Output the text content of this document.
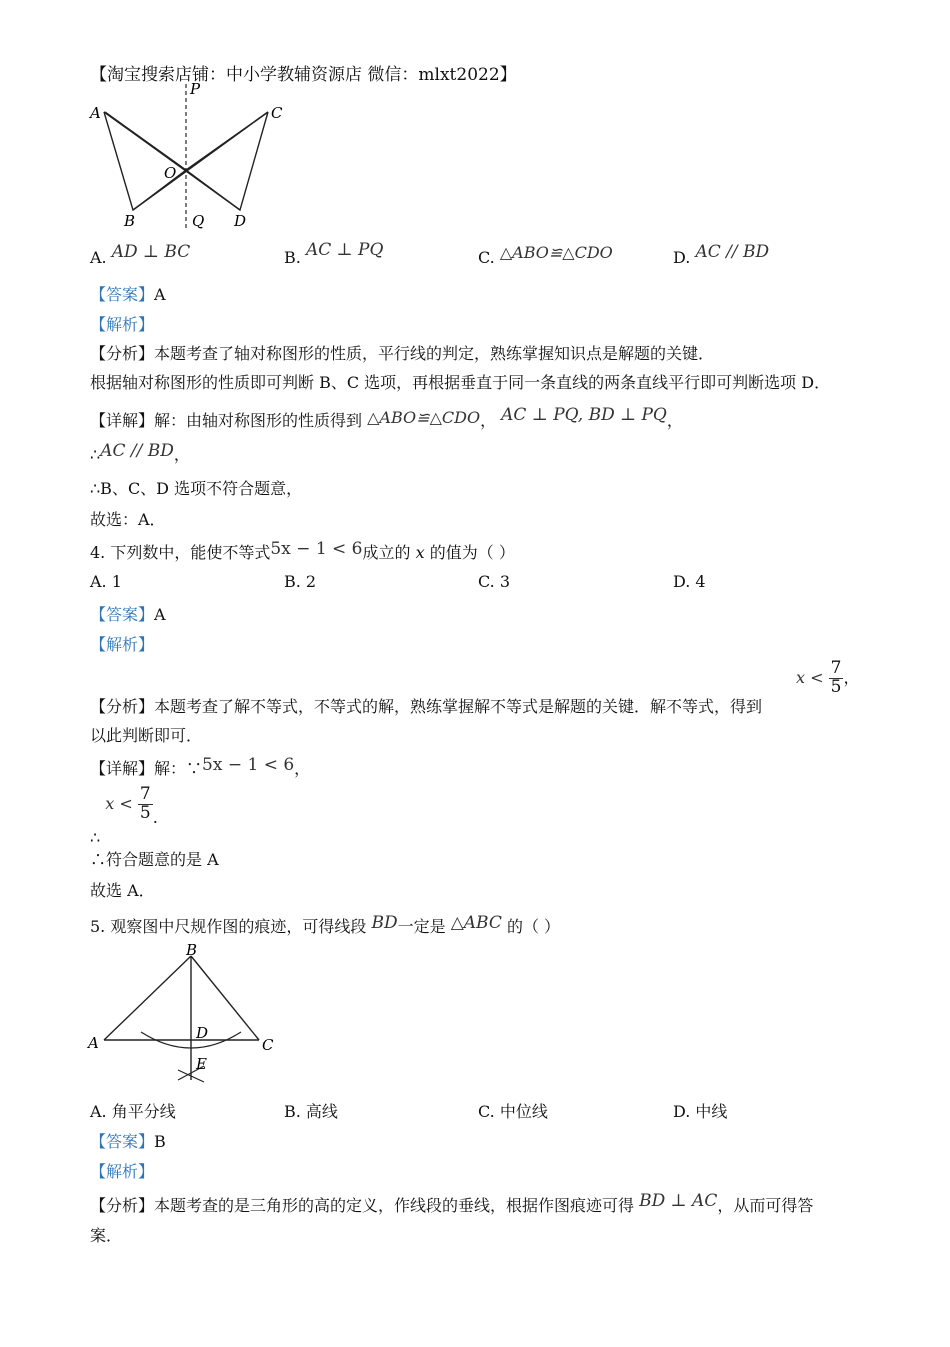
【淘宝搜索店铺：中小学教辅资源店 微信：mlxt2022】
A
B
C
D
O
P
Q
A. AD ⊥ BC	B. AC ⊥ PQ	C. △ABO≌△CDO	D. AC // BD
【答案】A
【解析】
【分析】本题考查了轴对称图形的性质，平行线的判定，熟练掌握知识点是解题的关键．
根据轴对称图形的性质即可判断 B、C 选项，再根据垂直于同一条直线的两条直线平行即可判断选项 D．
【详解】解：由轴对称图形的性质得到 △ABO≌△CDO， AC ⊥ PQ, BD ⊥ PQ，
∴AC // BD，
∴B、C、D 选项不符合题意，
故选：A．
4. 下列数中，能使不等式5x − 1 < 6成立的 x 的值为（ ）
A. 1	B. 2	C. 3	D. 4
【答案】A
【解析】
【分析】本题考查了解不等式，不等式的解，熟练掌握解不等式是解题的关键．解不等式，得到
$x < \frac{7}{5}$ ，
以此判断即可．
【详解】解：∵5x − 1 < 6，
∴ $x < \frac{7}{5}$ .
∴符合题意的是 A
故选 A．
5. 观察图中尺规作图的痕迹，可得线段 BD一定是 △ABC 的（ ）
A
B
C
D
E
A. 角平分线	B. 高线	C. 中位线	D. 中线
【答案】B
【解析】
【分析】本题考查的是三角形的高的定义，作线段的垂线，根据作图痕迹可得 BD ⊥ AC，从而可得答
案．
